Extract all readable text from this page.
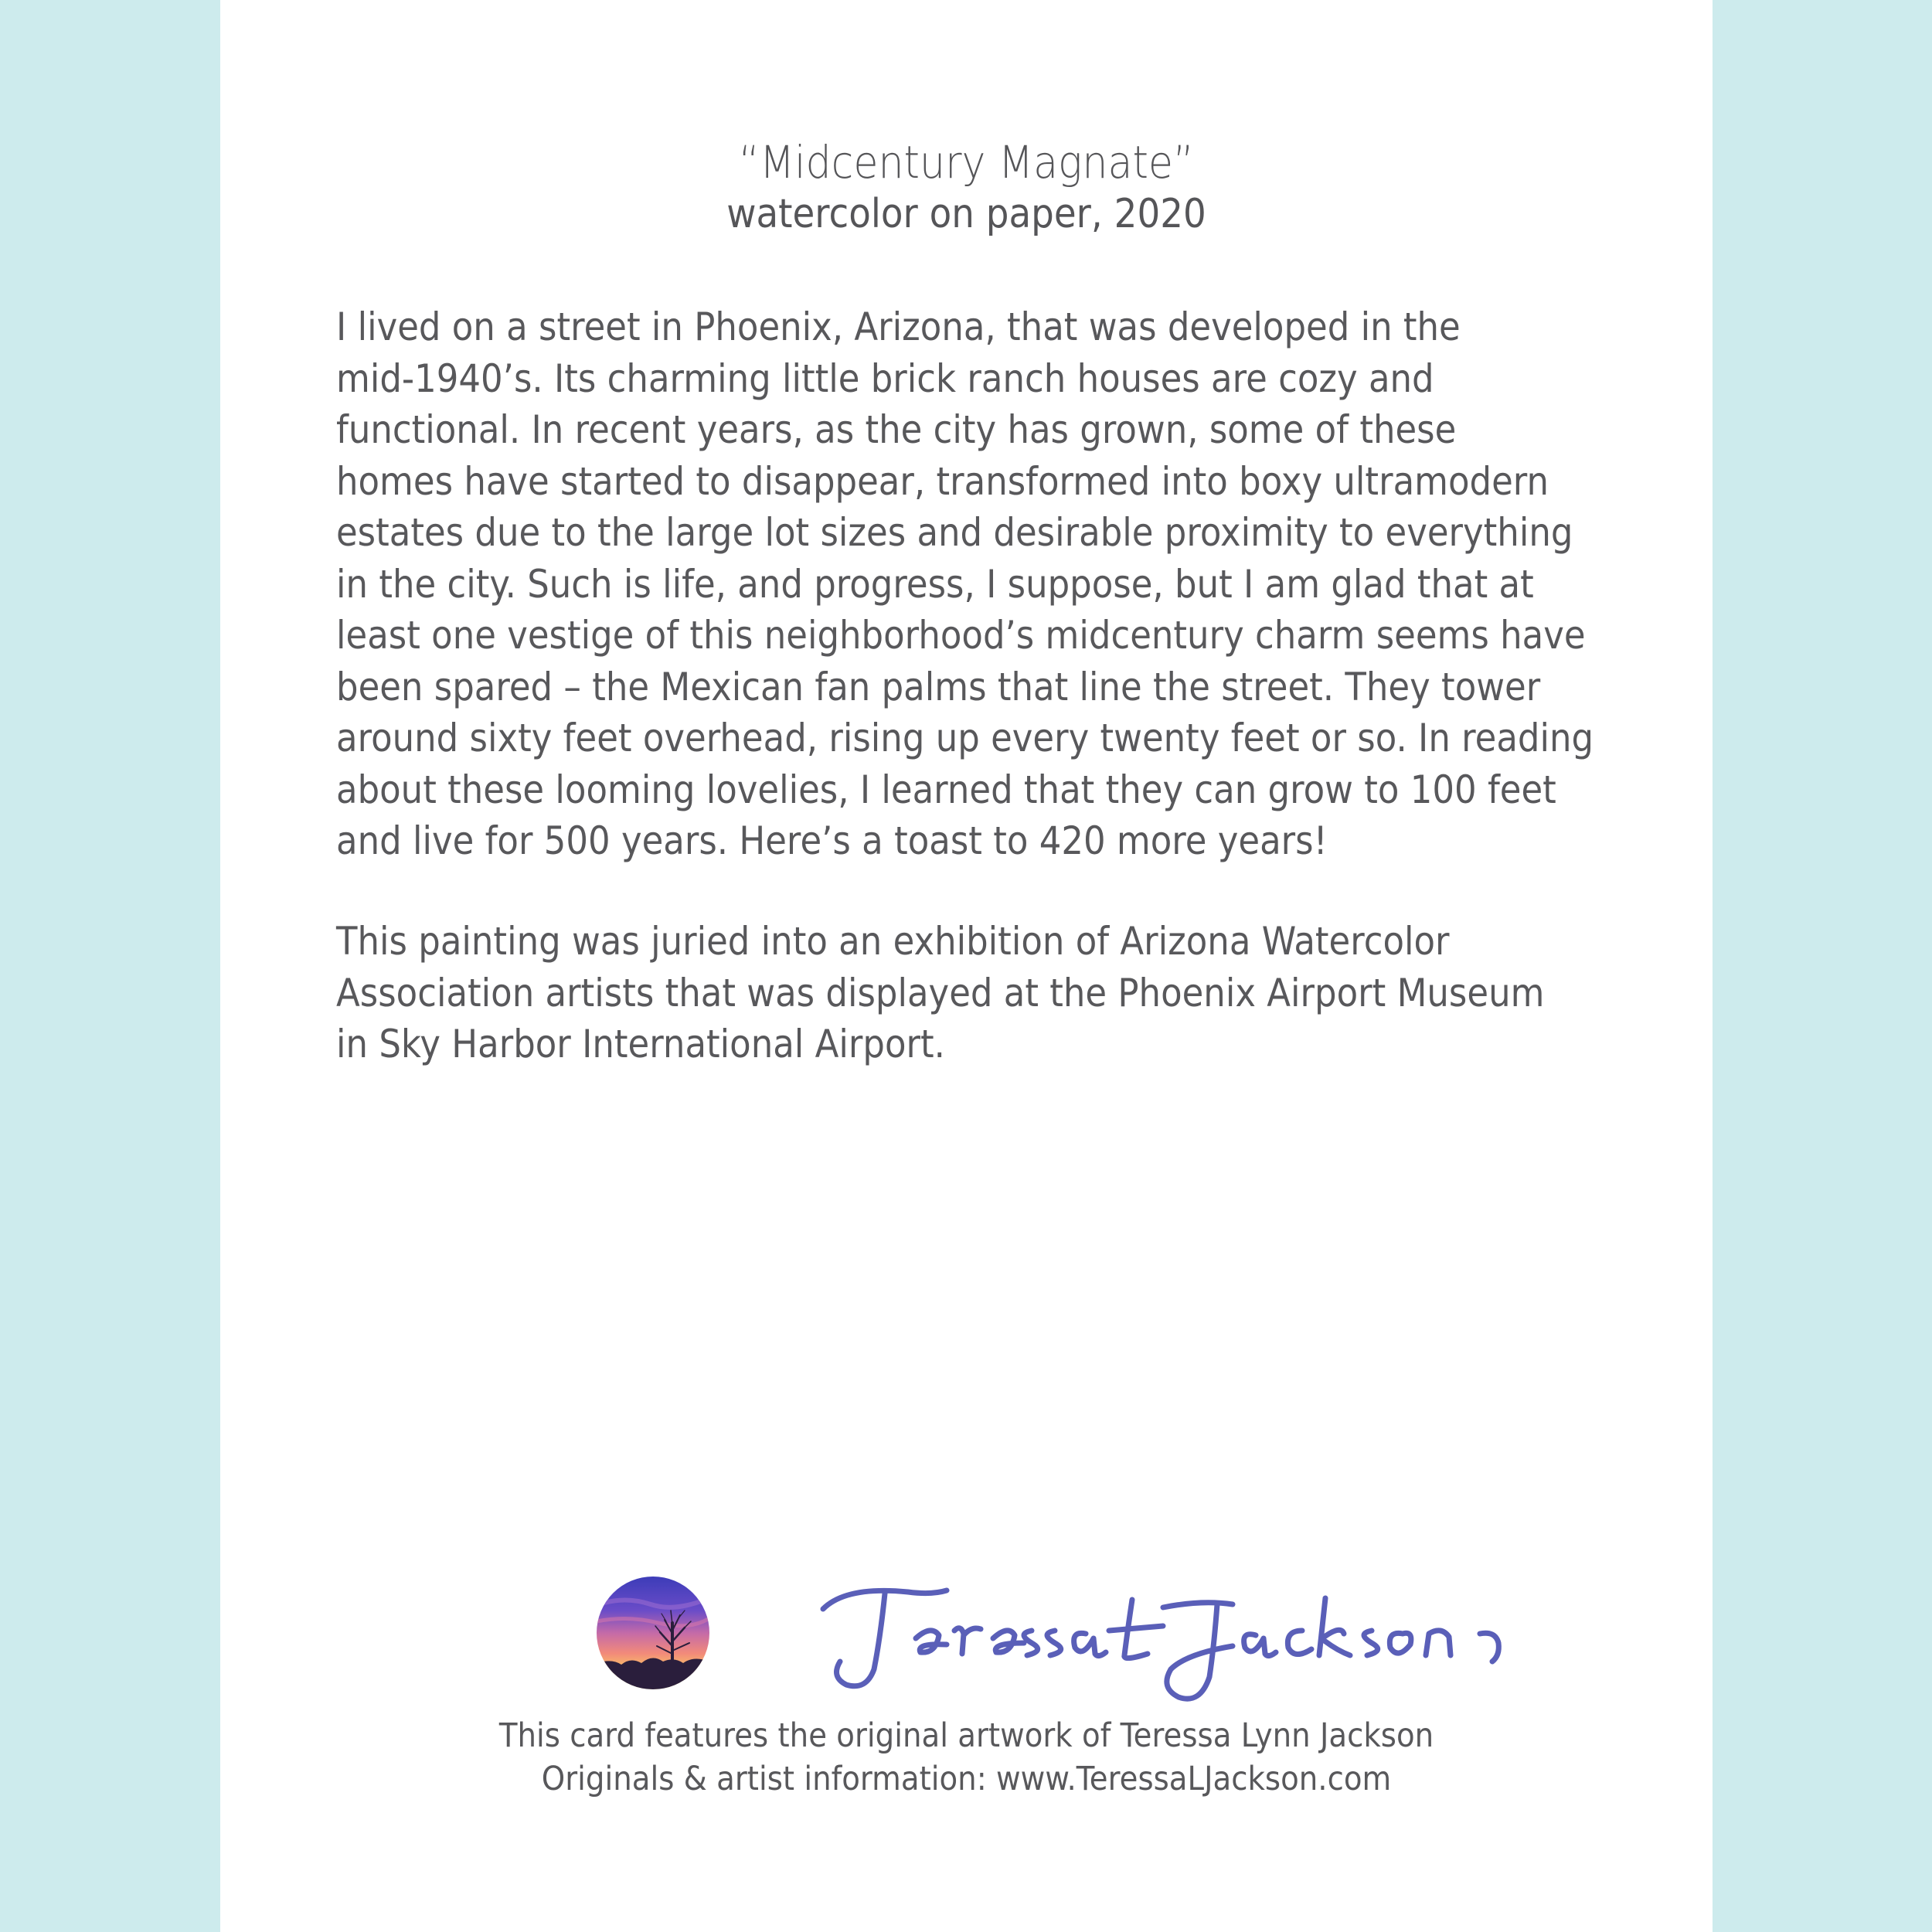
“Midcentury Magnate”
watercolor on paper, 2020
I lived on a street in Phoenix, Arizona, that was developed in the
mid-1940’s. Its charming little brick ranch houses are cozy and
functional. In recent years, as the city has grown, some of these
homes have started to disappear, transformed into boxy ultramodern
estates due to the large lot sizes and desirable proximity to everything
in the city. Such is life, and progress, I suppose, but I am glad that at
least one vestige of this neighborhood’s midcentury charm seems have
been spared – the Mexican fan palms that line the street. They tower
around sixty feet overhead, rising up every twenty feet or so. In reading
about these looming lovelies, I learned that they can grow to 100 feet
and live for 500 years. Here’s a toast to 420 more years!
This painting was juried into an exhibition of Arizona Watercolor
Association artists that was displayed at the Phoenix Airport Museum
in Sky Harbor International Airport.
This card features the original artwork of Teressa Lynn Jackson
Originals & artist information: www.TeressaLJackson.com
